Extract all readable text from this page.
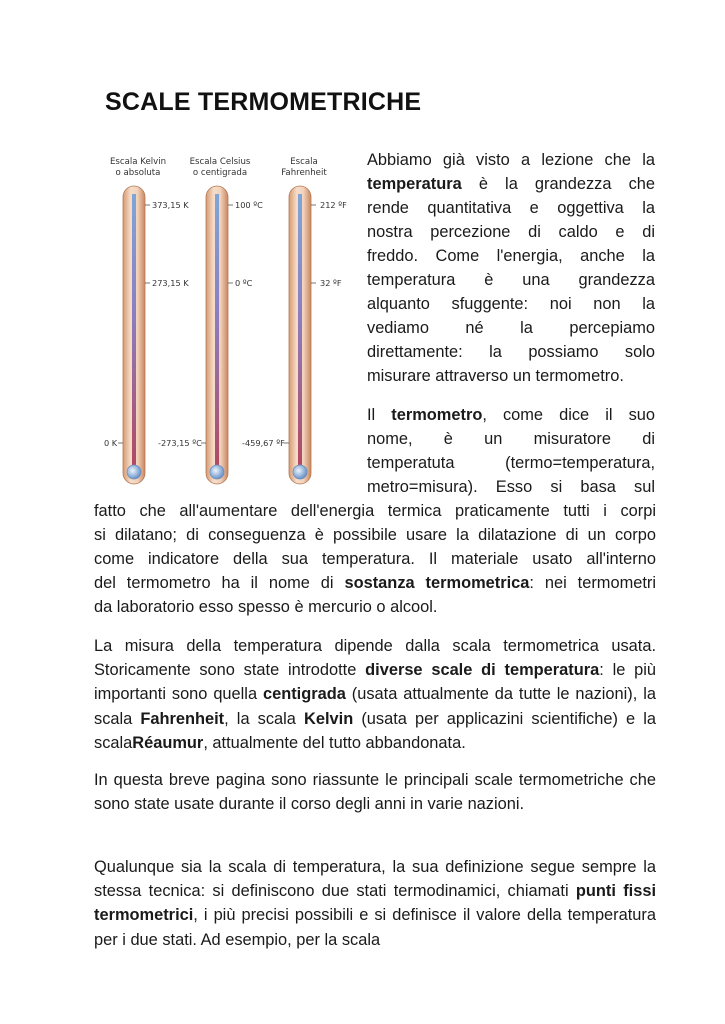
SCALE TERMOMETRICHE
Escala Kelvin
o absoluta
373,15 K
273,15 K
0 K
Escala Celsius
o centigrada
100 ºC
0 ºC
-273,15 ºC
Escala
Fahrenheit
212 ºF
32 ºF
-459,67 ºF

Abbiamo già visto a lezione che la

temperatura è la grandezza che

rende quantitativa e oggettiva la

nostra percezione di caldo e di

freddo. Come l'energia, anche la

temperatura è una grandezza

alquanto sfuggente: noi non la

vediamo né la percepiamo

direttamente: la possiamo solo

misurare attraverso un termometro.

Il termometro, come dice il suo

nome, è un misuratore di

temperatuta (termo=temperatura,

metro=misura). Esso si basa sul

fatto che all'aumentare dell'energia termica praticamente tutti i corpi

si dilatano; di conseguenza è possibile usare la dilatazione di un corpo

come indicatore della sua temperatura. Il materiale usato all'interno

del termometro ha il nome di sostanza termometrica: nei termometri

da laboratorio esso spesso è mercurio o alcool.

La misura della temperatura dipende dalla scala termometrica usata. Storicamente sono state introdotte diverse scale di temperatura: le più importanti sono quella centigrada (usata attualmente da tutte le nazioni), la scala Fahrenheit, la scala Kelvin (usata per applicazini scientifiche) e la scalaRéaumur, attualmente del tutto abbandonata.

In questa breve pagina sono riassunte le principali scale termometriche che sono state usate durante il corso degli anni in varie nazioni.

Qualunque sia la scala di temperatura, la sua definizione segue sempre la stessa tecnica: si definiscono due stati termodinamici, chiamati punti fissi termometrici, i più precisi possibili e si definisce il valore della temperatura per i due stati. Ad esempio, per la scala
